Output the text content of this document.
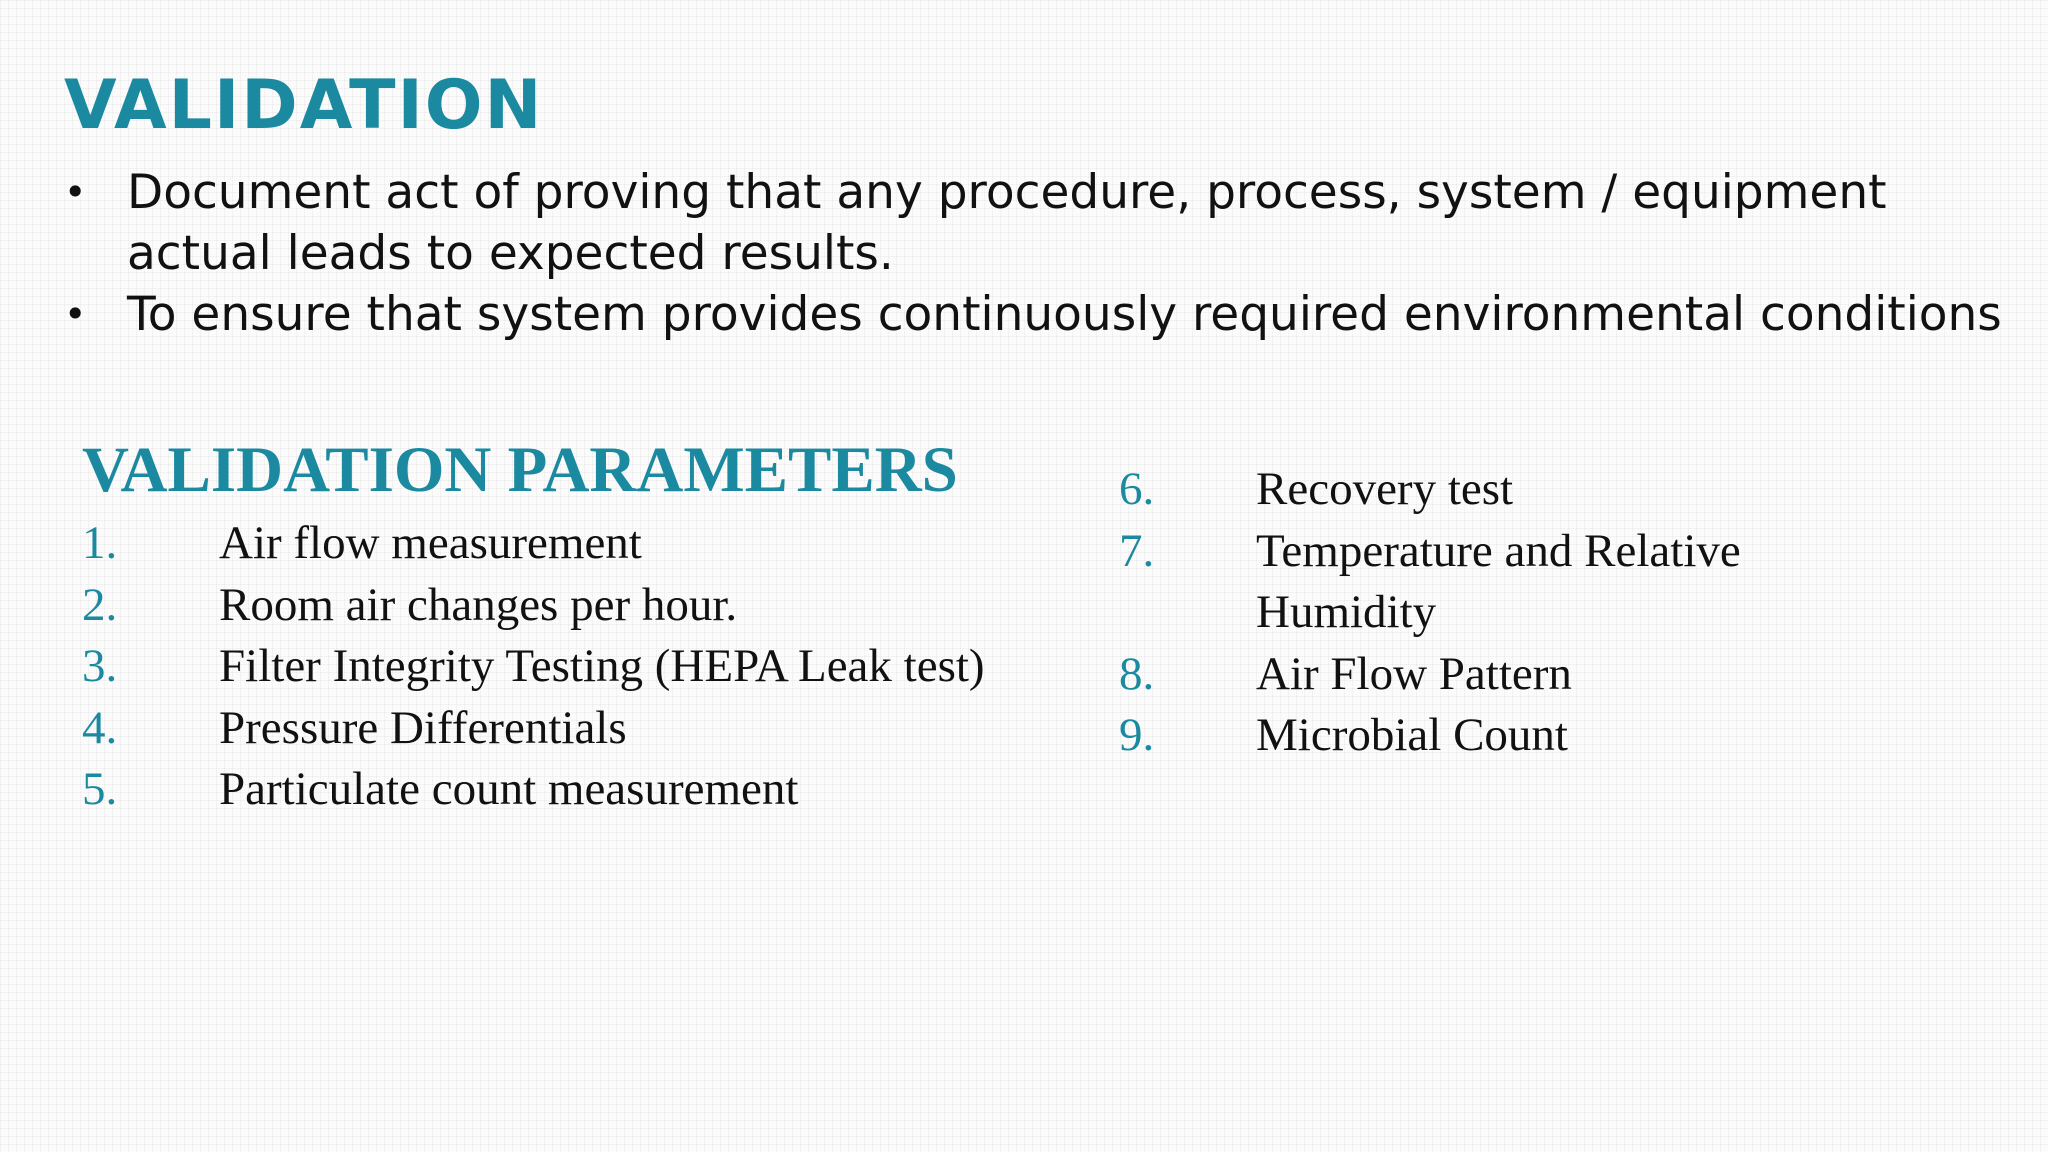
VALIDATION
• Document act of proving that any procedure, process, system / equipment actual leads to expected results.
• To ensure that system provides continuously required environmental conditions
VALIDATION PARAMETERS
1. Air flow measurement
2. Room air changes per hour.
3. Filter Integrity Testing (HEPA Leak test)
4. Pressure Differentials
5. Particulate count measurement
6. Recovery test
7. Temperature and Relative Humidity
8. Air Flow Pattern
9. Microbial Count
